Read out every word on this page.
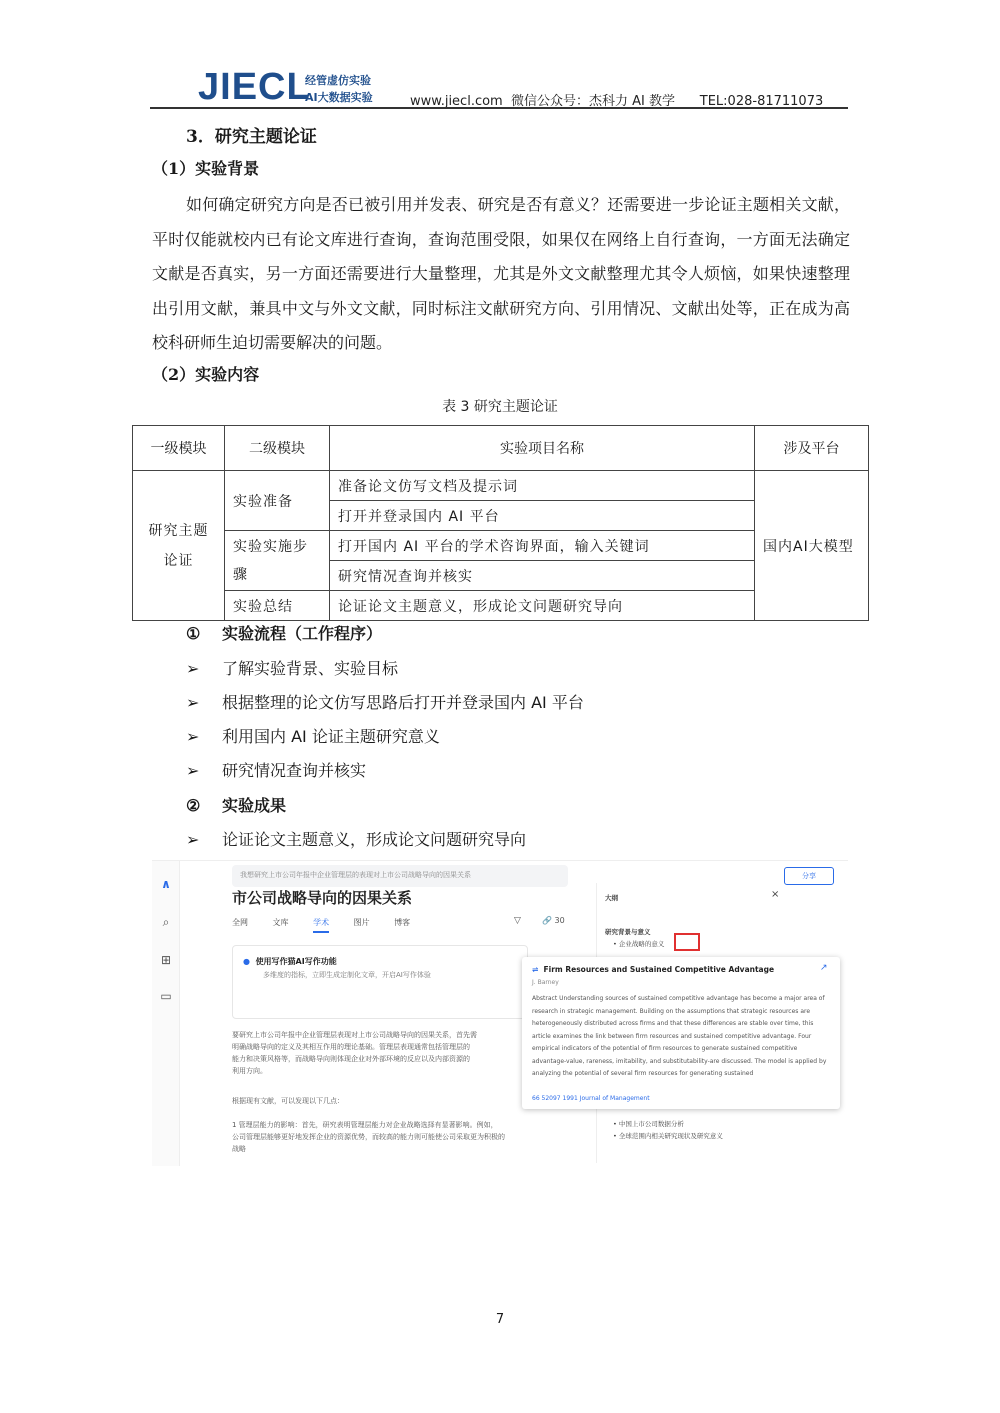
JIECL
经管虚仿实验
AI大数据实验	www.jiecl.com 微信公众号：杰科力 AI 教学 TEL:028-81711073
3．研究主题论证
（1）实验背景

如何确定研究方向是否已被引用并发表、研究是否有意义？还需要进一步论证主题相关文献，平时仅能就校内已有论文库进行查询，查询范围受限，如果仅在网络上自行查询，一方面无法确定文献是否真实，另一方面还需要进行大量整理，尤其是外文文献整理尤其令人烦恼，如果快速整理出引用文献，兼具中文与外文文献，同时标注文献研究方向、引用情况、文献出处等，正在成为高校科研师生迫切需要解决的问题。

（2）实验内容
表 3 研究主题论证
一级模块	二级模块	实验项目名称	涉及平台
研究主题论证	实验准备	准备论文仿写文档及提示词	国内AI大模型
		打开并登录国内 AI 平台	
	实验实施步骤	打开国内 AI 平台的学术咨询界面，输入关键词	
		研究情况查询并核实	
	实验总结	论证论文主题意义，形成论文问题研究导向	
① 实验流程（工作程序）
➢ 了解实验背景、实验目标
➢ 根据整理的论文仿写思路后打开并登录国内 AI 平台
➢ 利用国内 AI 论证主题研究意义
➢ 研究情况查询并核实
② 实验成果
➢ 论证论文主题意义，形成论文问题研究导向
∧
⌕
⊞
▭
我想研究上市公司年报中企业管理层的表现对上市公司战略导向的因果关系	分享
市公司战略导向的因果关系
全网	文库	学术	图片	博客	▽	🔗 30
● 使用写作猫AI写作功能
多维度的指标，立即生成定制化文章，开启AI写作体验
要研究上市公司年报中企业管理层表现对上市公司战略导向的因果关系，首先需
明确战略导向的定义及其相互作用的理论基础。管理层表现通常包括管理层的
能力和决策风格等，而战略导向则体现企业对外部环境的反应以及内部资源的
利用方向。
根据现有文献，可以发现以下几点：
1 管理层能力的影响：首先，研究表明管理层能力对企业战略选择有显著影响。例如，
公司管理层能够更好地发挥企业的资源优势，而较高的能力则可能使公司采取更为积极的
战略
大纲	×
研究背景与意义
• 企业战略的意义
• 中国上市公司数据分析
• 全球范围内相关研究现状及研究意义
⇌ Firm Resources and Sustained Competitive Advantage	↗
J. Barney
Abstract Understanding sources of sustained competitive advantage has become a major area of research in strategic management. Building on the assumptions that strategic resources are heterogeneously distributed across firms and that these differences are stable over time, this article examines the link between firm resources and sustained competitive advantage. Four empirical indicators of the potential of firm resources to generate sustained competitive advantage-value, rareness, imitability, and substitutability-are discussed. The model is applied by analyzing the potential of several firm resources for generating sustained
66 52097 1991 Journal of Management
7
